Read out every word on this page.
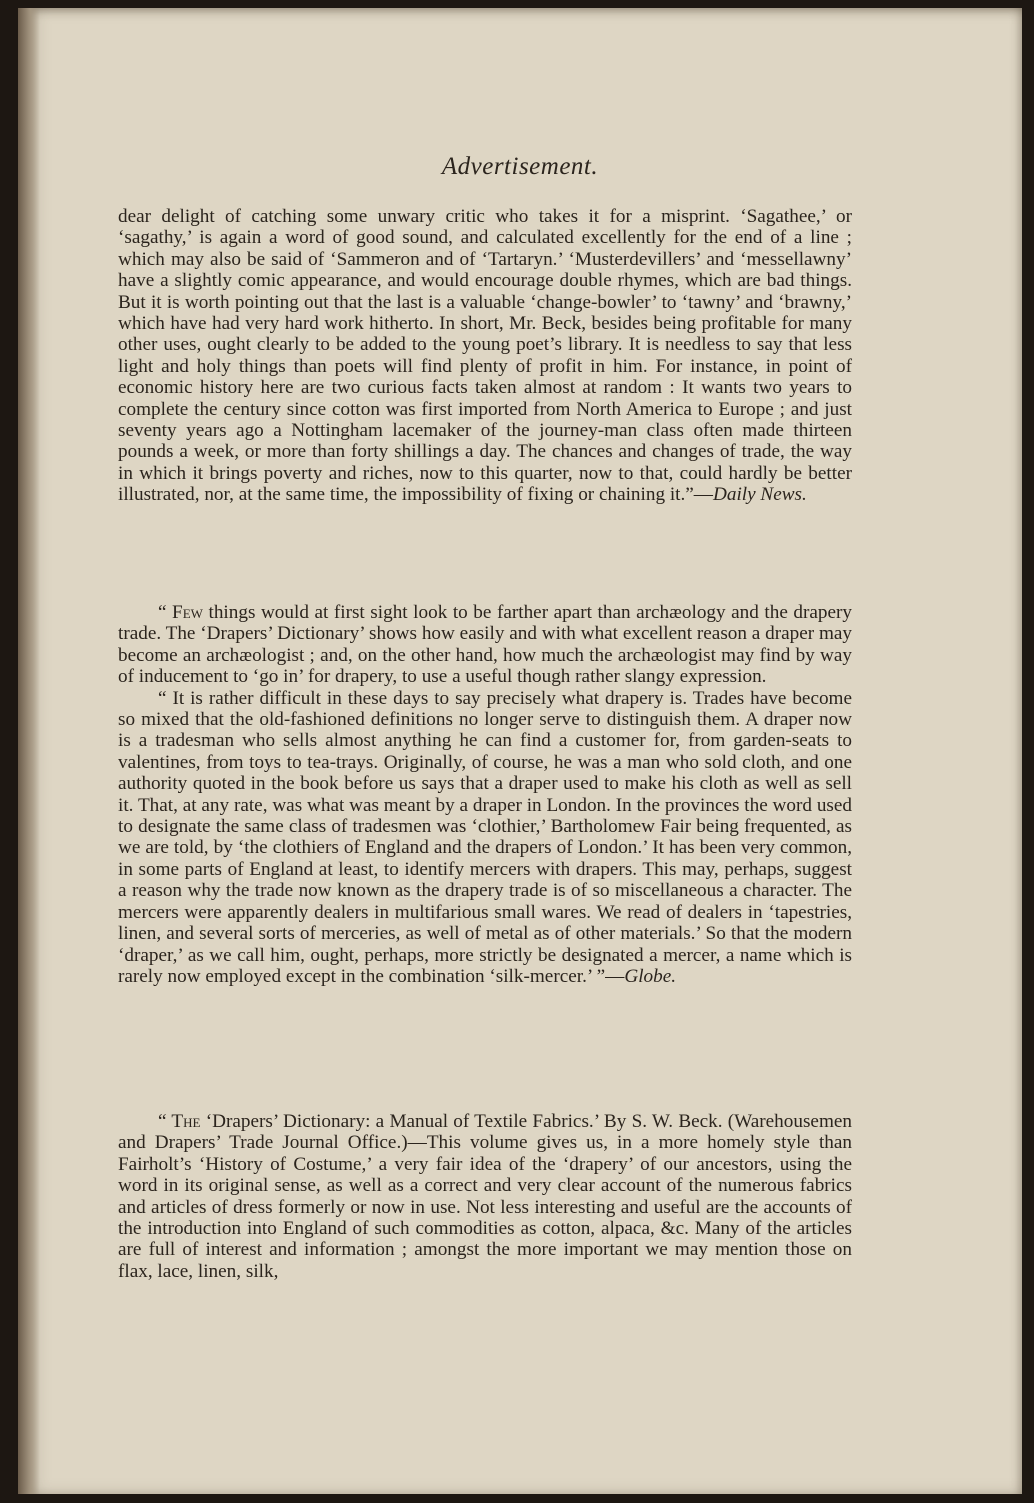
Advertisement.

dear delight of catching some unwary critic who takes it for a misprint. ‘Sagathee,’ or ‘sagathy,’ is again a word of good sound, and calculated excellently for the end of a line ; which may also be said of ‘Sammeron and of ‘Tartaryn.’ ‘Musterdevillers’ and ‘messellawny’ have a slightly comic appearance, and would encourage double rhymes, which are bad things. But it is worth pointing out that the last is a valuable ‘change-bowler’ to ‘tawny’ and ‘brawny,’ which have had very hard work hitherto. In short, Mr. Beck, besides being profitable for many other uses, ought clearly to be added to the young poet’s library. It is needless to say that less light and holy things than poets will find plenty of profit in him. For instance, in point of economic history here are two curious facts taken almost at random : It wants two years to complete the century since cotton was first imported from North America to Europe ; and just seventy years ago a Nottingham lacemaker of the journey-man class often made thirteen pounds a week, or more than forty shillings a day. The chances and changes of trade, the way in which it brings poverty and riches, now to this quarter, now to that, could hardly be better illustrated, nor, at the same time, the impossibility of fixing or chaining it.”—Daily News.

“ Few things would at first sight look to be farther apart than archæology and the drapery trade. The ‘Drapers’ Dictionary’ shows how easily and with what excellent reason a draper may become an archæologist ; and, on the other hand, how much the archæologist may find by way of inducement to ‘go in’ for drapery, to use a useful though rather slangy expression.

“ It is rather difficult in these days to say precisely what drapery is. Trades have become so mixed that the old-fashioned definitions no longer serve to distinguish them. A draper now is a tradesman who sells almost anything he can find a customer for, from garden-seats to valentines, from toys to tea-trays. Originally, of course, he was a man who sold cloth, and one authority quoted in the book before us says that a draper used to make his cloth as well as sell it. That, at any rate, was what was meant by a draper in London. In the provinces the word used to designate the same class of tradesmen was ‘clothier,’ Bartholomew Fair being frequented, as we are told, by ‘the clothiers of England and the drapers of London.’ It has been very common, in some parts of England at least, to identify mercers with drapers. This may, perhaps, suggest a reason why the trade now known as the drapery trade is of so miscellaneous a character. The mercers were apparently dealers in multifarious small wares. We read of dealers in ‘tapestries, linen, and several sorts of merceries, as well of metal as of other materials.’ So that the modern ‘draper,’ as we call him, ought, perhaps, more strictly be designated a mercer, a name which is rarely now employed except in the combination ‘silk-mercer.’ ”—Globe.

“ The ‘Drapers’ Dictionary: a Manual of Textile Fabrics.’ By S. W. Beck. (Warehousemen and Drapers’ Trade Journal Office.)—This volume gives us, in a more homely style than Fairholt’s ‘History of Costume,’ a very fair idea of the ‘drapery’ of our ancestors, using the word in its original sense, as well as a correct and very clear account of the numerous fabrics and articles of dress formerly or now in use. Not less interesting and useful are the accounts of the introduction into England of such commodities as cotton, alpaca, &c. Many of the articles are full of interest and information ; amongst the more important we may mention those on flax, lace, linen, silk,
